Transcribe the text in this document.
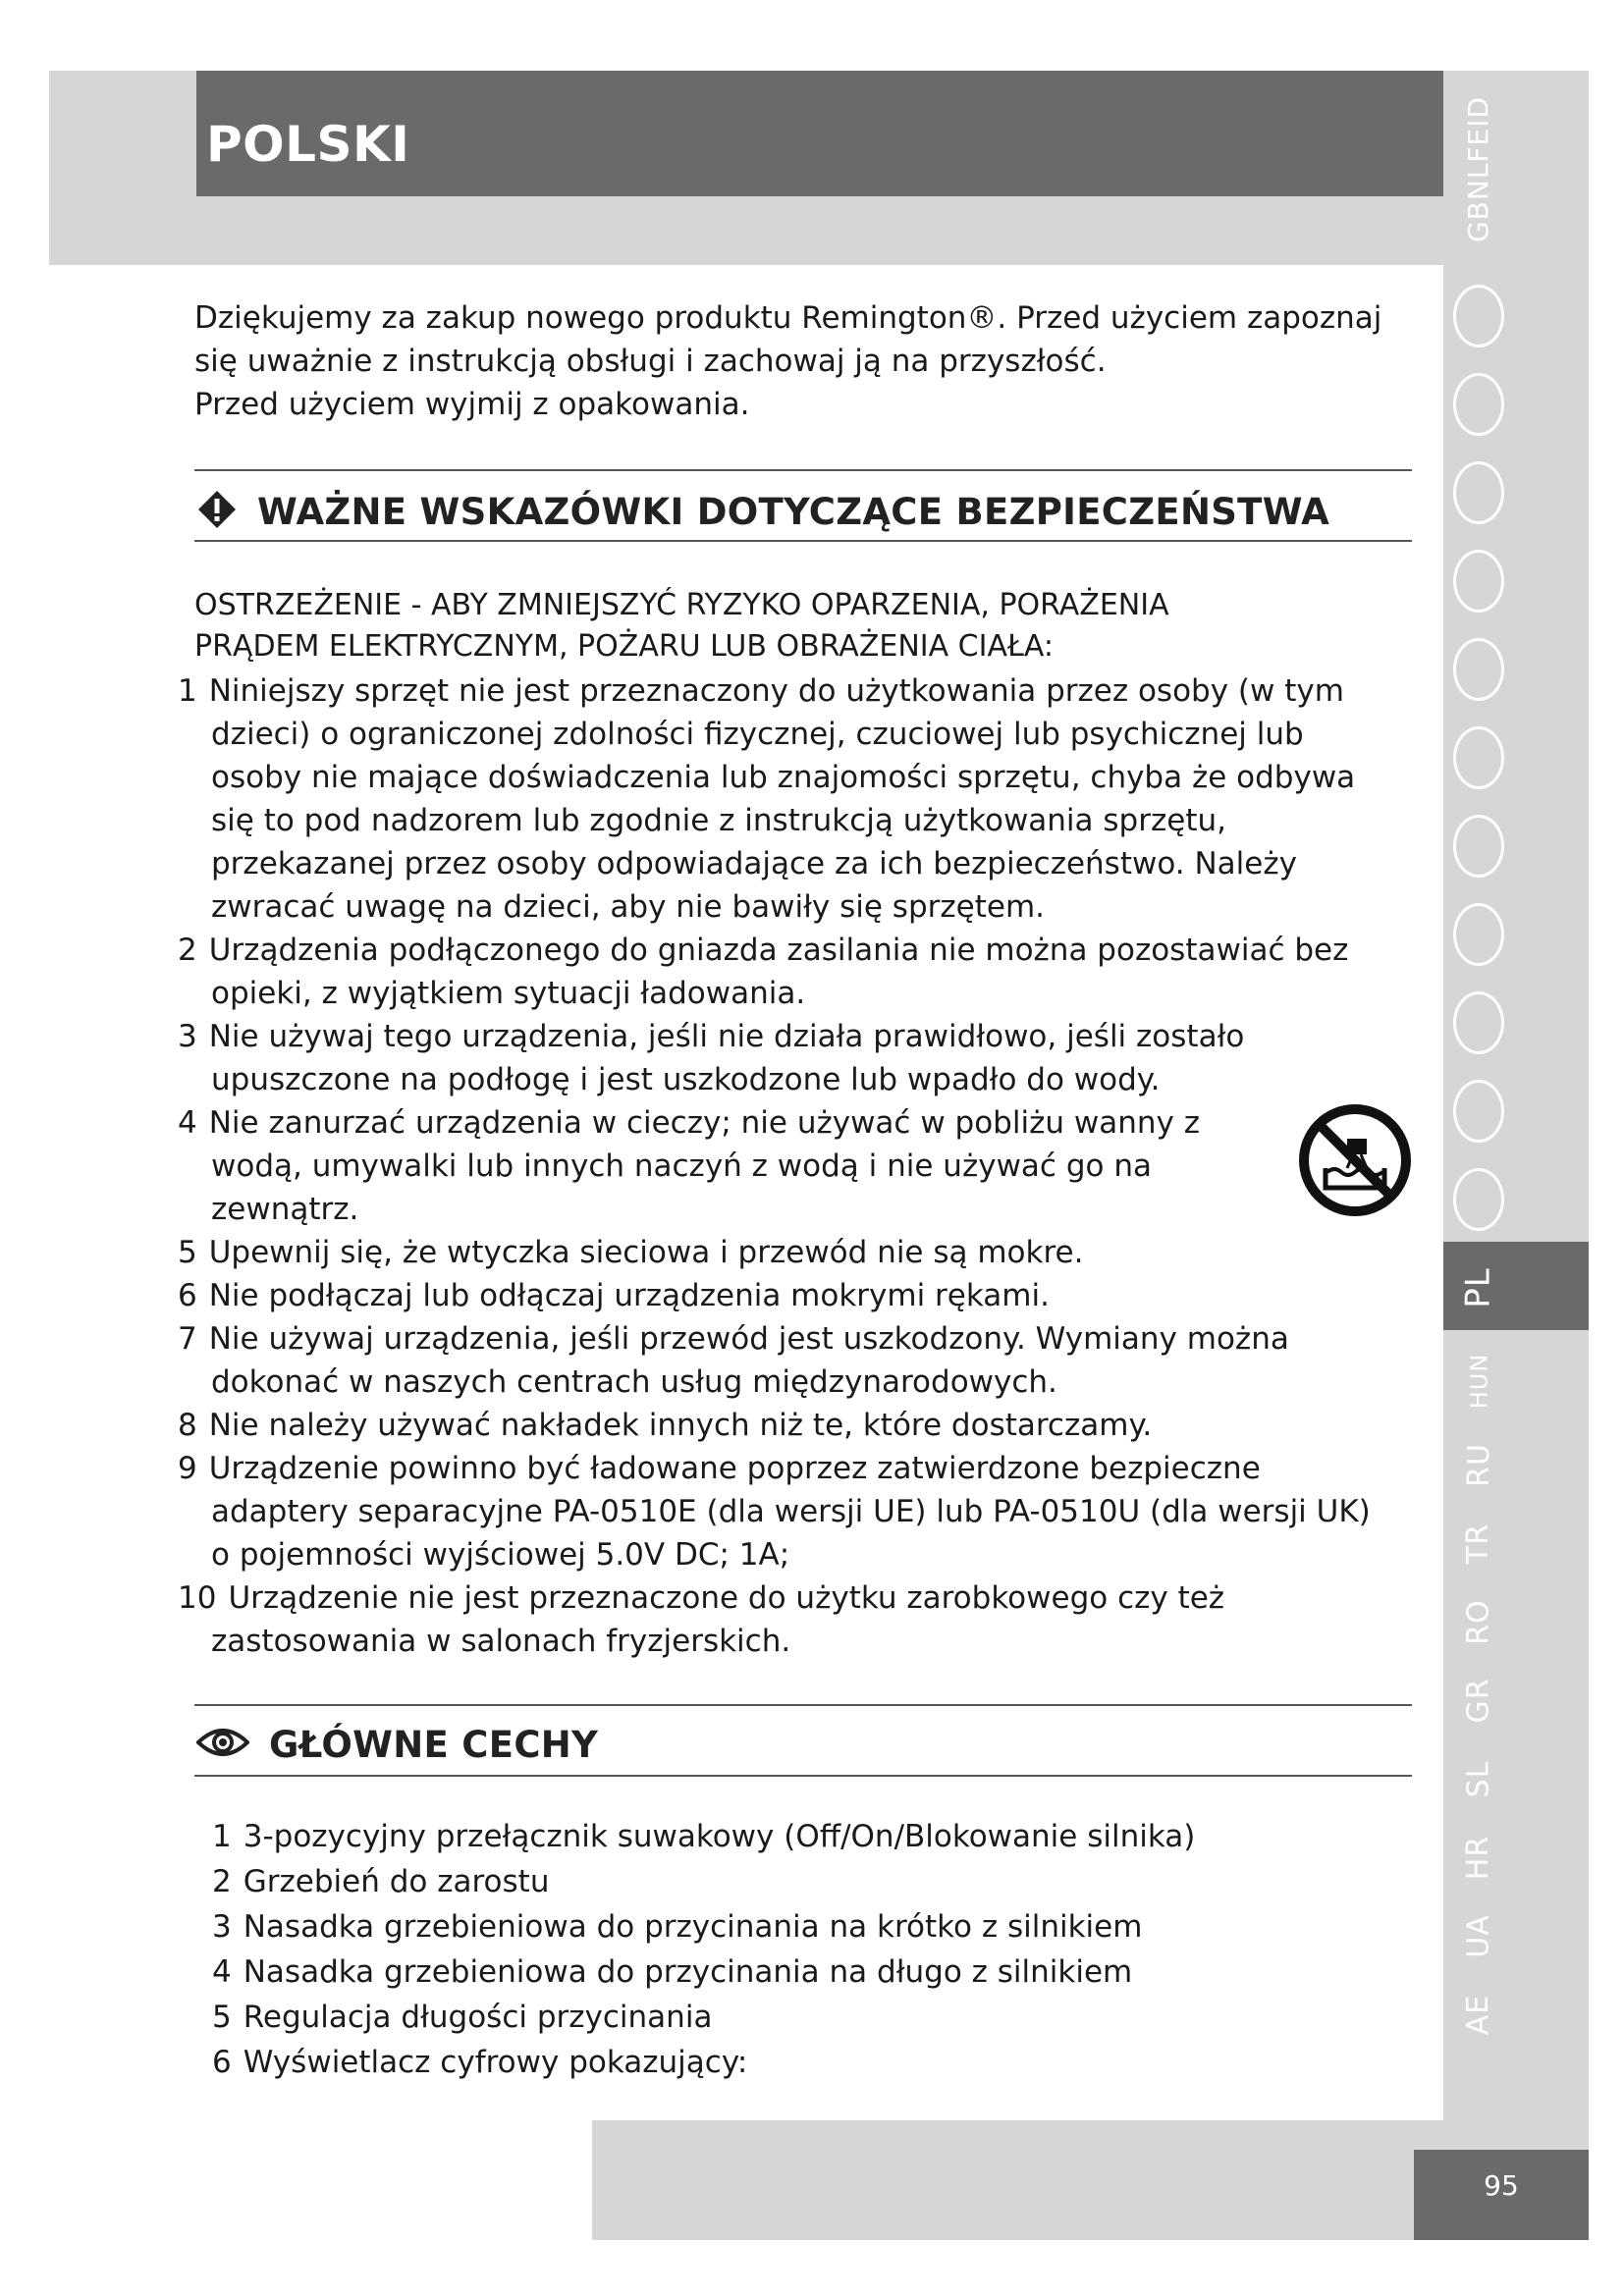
POLSKI
GBNLFEID
PL
HUN
RU
TR
RO
GR
SL
HR
UA
AE

Dziękujemy za zakup nowego produktu Remington®. Przed użyciem zapoznaj

się uważnie z instrukcją obsługi i zachowaj ją na przyszłość.

Przed użyciem wyjmij z opakowania.

WAŻNE WSKAZÓWKI DOTYCZĄCE BEZPIECZEŃSTWA

OSTRZEŻENIE - ABY ZMNIEJSZYĆ RYZYKO OPARZENIA, PORAŻENIA

PRĄDEM ELEKTRYCZNYM, POŻARU LUB OBRAŻENIA CIAŁA:

1 Niniejszy sprzęt nie jest przeznaczony do użytkowania przez osoby (w tym dzieci) o ograniczonej zdolności fizycznej, czuciowej lub psychicznej lub osoby nie mające doświadczenia lub znajomości sprzętu, chyba że odbywa się to pod nadzorem lub zgodnie z instrukcją użytkowania sprzętu, przekazanej przez osoby odpowiadające za ich bezpieczeństwo. Należy zwracać uwagę na dzieci, aby nie bawiły się sprzętem.
2 Urządzenia podłączonego do gniazda zasilania nie można pozostawiać bez opieki, z wyjątkiem sytuacji ładowania.
3 Nie używaj tego urządzenia, jeśli nie działa prawidłowo, jeśli zostało upuszczone na podłogę i jest uszkodzone lub wpadło do wody.
4 Nie zanurzać urządzenia w cieczy; nie używać w pobliżu wanny z wodą, umywalki lub innych naczyń z wodą i nie używać go na zewnątrz.
5 Upewnij się, że wtyczka sieciowa i przewód nie są mokre.
6 Nie podłączaj lub odłączaj urządzenia mokrymi rękami.
7 Nie używaj urządzenia, jeśli przewód jest uszkodzony. Wymiany można dokonać w naszych centrach usług międzynarodowych.
8 Nie należy używać nakładek innych niż te, które dostarczamy.
9 Urządzenie powinno być ładowane poprzez zatwierdzone bezpieczne adaptery separacyjne PA-0510E (dla wersji UE) lub PA-0510U (dla wersji UK) o pojemności wyjściowej 5.0V DC; 1A;
10 Urządzenie nie jest przeznaczone do użytku zarobkowego czy też zastosowania w salonach fryzjerskich.
GŁÓWNE CECHY
1 3-pozycyjny przełącznik suwakowy (Off/On/Blokowanie silnika)
2 Grzebień do zarostu
3 Nasadka grzebieniowa do przycinania na krótko z silnikiem
4 Nasadka grzebieniowa do przycinania na długo z silnikiem
5 Regulacja długości przycinania
6 Wyświetlacz cyfrowy pokazujący:
95
